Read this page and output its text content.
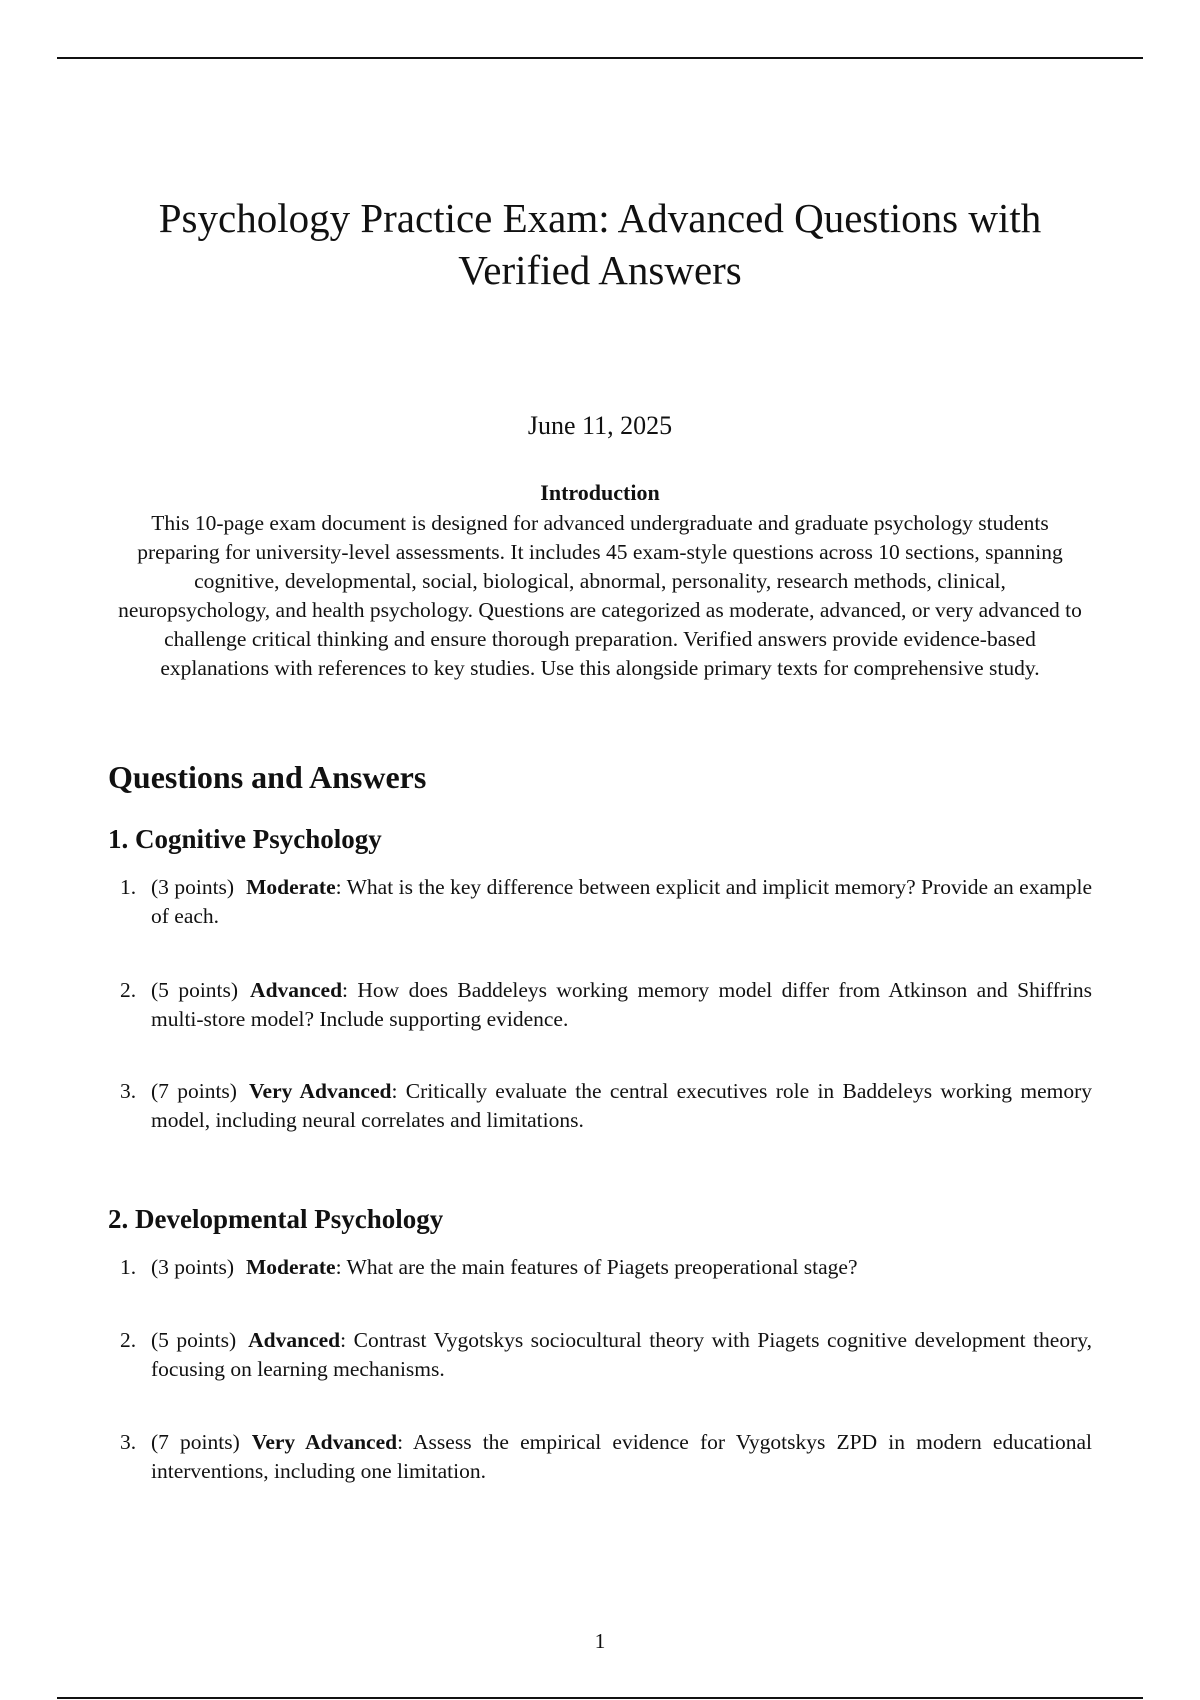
Psychology Practice Exam: Advanced Questions with Verified Answers
June 11, 2025
Introduction

This 10-page exam document is designed for advanced undergraduate and graduate psychology students preparing for university-level assessments. It includes 45 exam-style questions across 10 sections, spanning cognitive, developmental, social, biological, abnormal, personality, research methods, clinical, neuropsychology, and health psychology. Questions are categorized as moderate, advanced, or very advanced to challenge critical thinking and ensure thorough preparation. Verified answers provide evidence-based explanations with references to key studies. Use this alongside primary texts for comprehensive study.

Questions and Answers
1. Cognitive Psychology
1. (3 points) Moderate: What is the key difference between explicit and implicit memory? Provide an example of each.
2. (5 points) Advanced: How does Baddeleys working memory model differ from Atkinson and Shiffrins multi-store model? Include supporting evidence.
3. (7 points) Very Advanced: Critically evaluate the central executives role in Baddeleys working memory model, including neural correlates and limitations.
2. Developmental Psychology
1. (3 points) Moderate: What are the main features of Piagets preoperational stage?
2. (5 points) Advanced: Contrast Vygotskys sociocultural theory with Piagets cognitive development theory, focusing on learning mechanisms.
3. (7 points) Very Advanced: Assess the empirical evidence for Vygotskys ZPD in modern educational interventions, including one limitation.
1
